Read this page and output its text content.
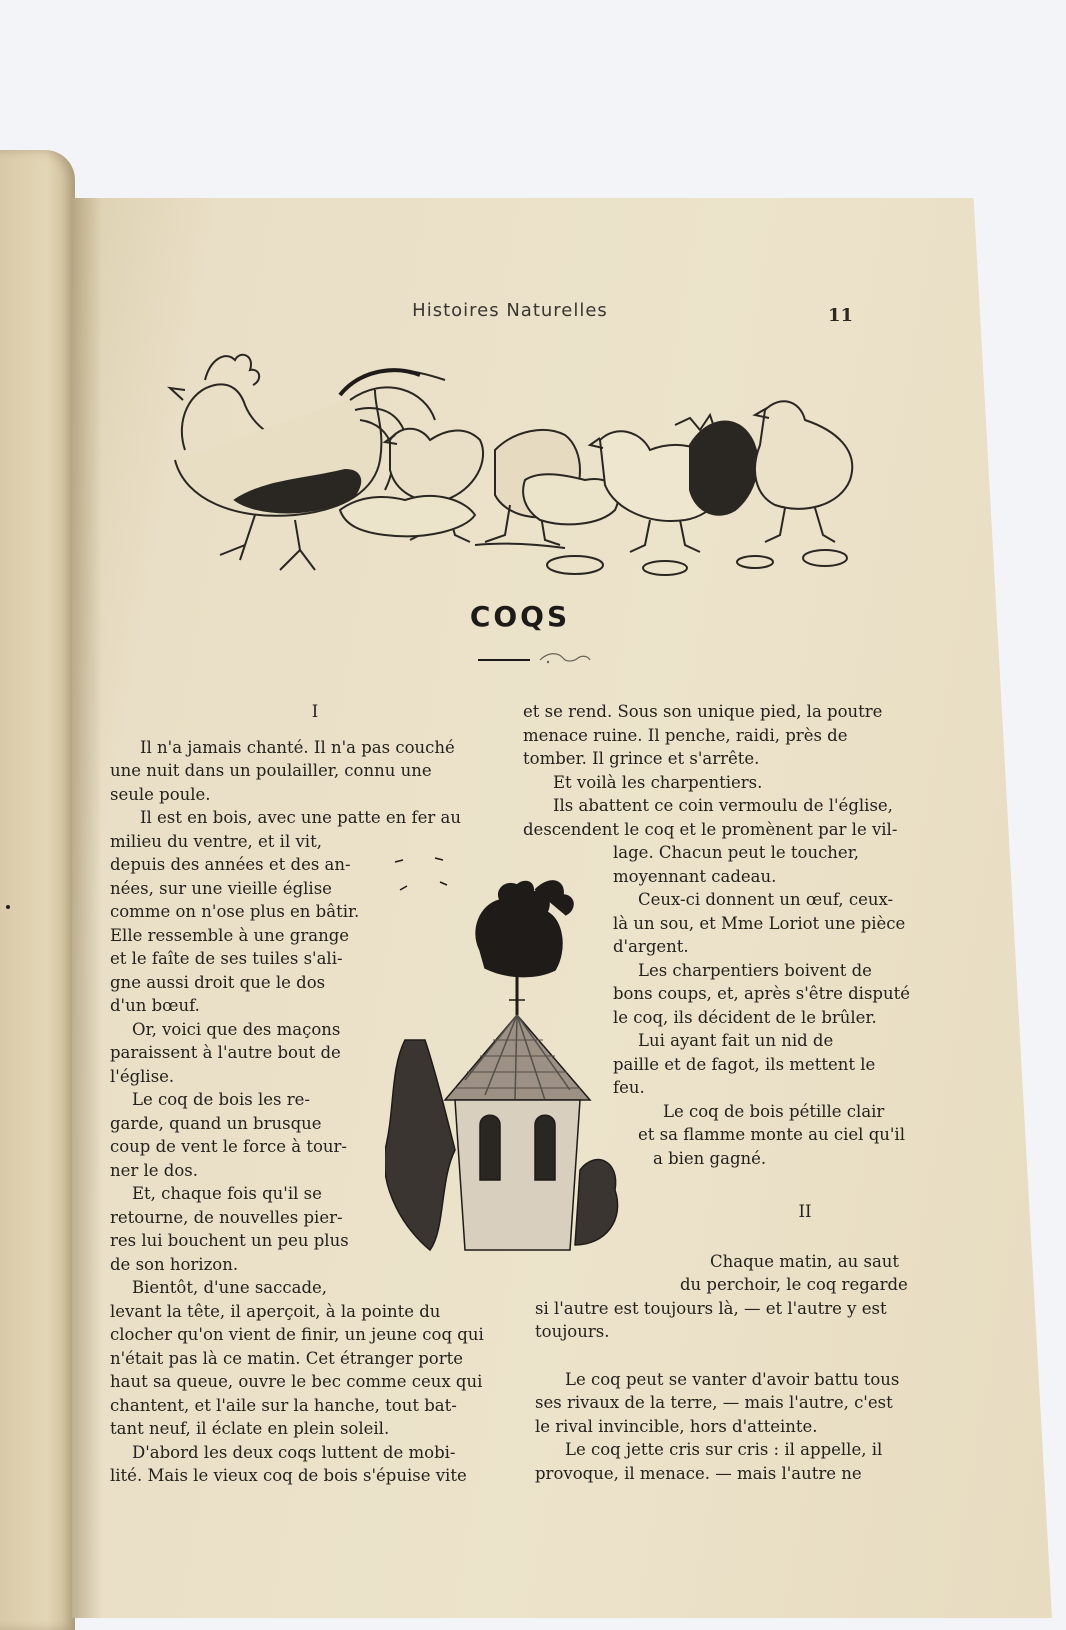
Histoires Naturelles	11
COQS

I

Il n'a jamais chanté. Il n'a pas couché

une nuit dans un poulailler, connu une

seule poule.

Il est en bois, avec une patte en fer au

milieu du ventre, et il vit,

depuis des années et des an-

nées, sur une vieille église

comme on n'ose plus en bâtir.

Elle ressemble à une grange

et le faîte de ses tuiles s'ali-

gne aussi droit que le dos

d'un bœuf.

Or, voici que des maçons

paraissent à l'autre bout de

l'église.

Le coq de bois les re-

garde, quand un brusque

coup de vent le force à tour-

ner le dos.

Et, chaque fois qu'il se

retourne, de nouvelles pier-

res lui bouchent un peu plus

de son horizon.

Bientôt, d'une saccade,

levant la tête, il aperçoit, à la pointe du

clocher qu'on vient de finir, un jeune coq qui

n'était pas là ce matin. Cet étranger porte

haut sa queue, ouvre le bec comme ceux qui

chantent, et l'aile sur la hanche, tout bat-

tant neuf, il éclate en plein soleil.

D'abord les deux coqs luttent de mobi-

lité. Mais le vieux coq de bois s'épuise vite

et se rend. Sous son unique pied, la poutre

menace ruine. Il penche, raidi, près de

tomber. Il grince et s'arrête.

Et voilà les charpentiers.

Ils abattent ce coin vermoulu de l'église,

descendent le coq et le promènent par le vil-

lage. Chacun peut le toucher,

moyennant cadeau.

Ceux-ci donnent un œuf, ceux-

là un sou, et Mme Loriot une pièce

d'argent.

Les charpentiers boivent de

bons coups, et, après s'être disputé

le coq, ils décident de le brûler.

Lui ayant fait un nid de

paille et de fagot, ils mettent le

feu.

Le coq de bois pétille clair

et sa flamme monte au ciel qu'il

a bien gagné.

II

Chaque matin, au saut

du perchoir, le coq regarde

si l'autre est toujours là, — et l'autre y est

toujours.

Le coq peut se vanter d'avoir battu tous

ses rivaux de la terre, — mais l'autre, c'est

le rival invincible, hors d'atteinte.

Le coq jette cris sur cris : il appelle, il

provoque, il menace. — mais l'autre ne
